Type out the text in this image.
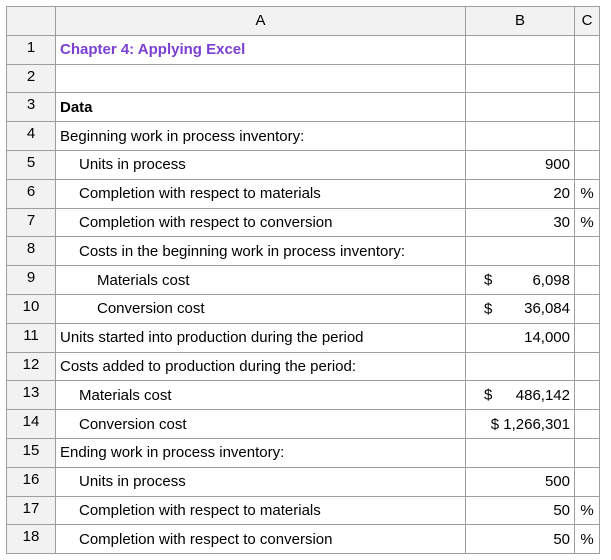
	A	B	C
1	Chapter 4: Applying Excel	

2		

3	Data	

4	Beginning work in process inventory:	

5	Units in process	900	
6	Completion with respect to materials	20	%
7	Completion with respect to conversion	30	%
8	Costs in the beginning work in process inventory:	

9	Materials cost	$ 6,098	
10	Conversion cost	$ 36,084	
11	Units started into production during the period	14,000	
12	Costs added to production during the period:	

13	Materials cost	$ 486,142	
14	Conversion cost	$ 1,266,301	
15	Ending work in process inventory:	

16	Units in process	500	
17	Completion with respect to materials	50	%
18	Completion with respect to conversion	50	%
